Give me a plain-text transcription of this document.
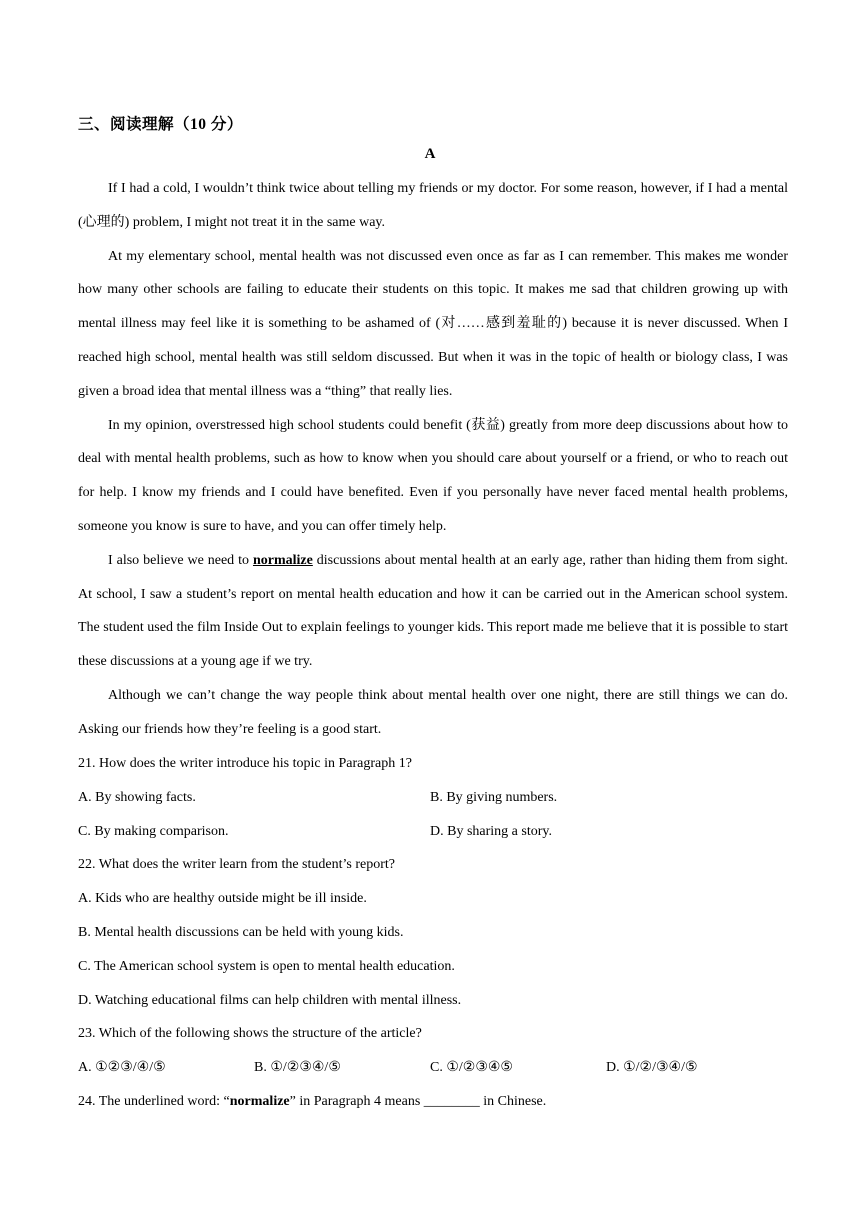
三、阅读理解（10 分）
A

If I had a cold, I wouldn’t think twice about telling my friends or my doctor. For some reason, however, if I had a mental (心理的) problem, I might not treat it in the same way.

At my elementary school, mental health was not discussed even once as far as I can remember. This makes me wonder how many other schools are failing to educate their students on this topic. It makes me sad that children growing up with mental illness may feel like it is something to be ashamed of (对……感到羞耻的) because it is never discussed. When I reached high school, mental health was still seldom discussed. But when it was in the topic of health or biology class, I was given a broad idea that mental illness was a “thing” that really lies.

In my opinion, overstressed high school students could benefit (获益) greatly from more deep discussions about how to deal with mental health problems, such as how to know when you should care about yourself or a friend, or who to reach out for help. I know my friends and I could have benefited. Even if you personally have never faced mental health problems, someone you know is sure to have, and you can offer timely help.

I also believe we need to normalize discussions about mental health at an early age, rather than hiding them from sight. At school, I saw a student’s report on mental health education and how it can be carried out in the American school system. The student used the film Inside Out to explain feelings to younger kids. This report made me believe that it is possible to start these discussions at a young age if we try.

Although we can’t change the way people think about mental health over one night, there are still things we can do. Asking our friends how they’re feeling is a good start.

21. How does the writer introduce his topic in Paragraph 1?
A. By showing facts.	B. By giving numbers.
C. By making comparison.	D. By sharing a story.
22. What does the writer learn from the student’s report?
A. Kids who are healthy outside might be ill inside.
B. Mental health discussions can be held with young kids.
C. The American school system is open to mental health education.
D. Watching educational films can help children with mental illness.
23. Which of the following shows the structure of the article?
A. ①②③/④/⑤	B. ①/②③④/⑤	C. ①/②③④⑤	D. ①/②/③④/⑤
24. The underlined word: “normalize” in Paragraph 4 means ________ in Chinese.
